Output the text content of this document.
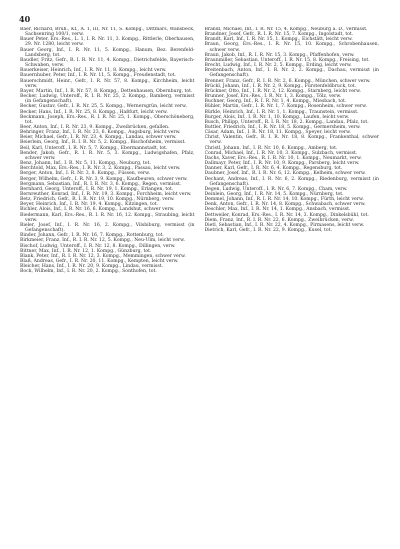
40
Baer, Richard, Bruh., Kf., A. 1, III, Nr. 11, S. Kompg., Dittmars, Wansbeck, Sachsenring 100/1, verw.
Bauer Peter, Ers.-Res., L. 1, I. R. Nr. 11, 3. Kompg., Rittlerle, Oberhausen, 29. Nr. 1280, leicht verw.
Bauer Georg, Inf., I. R. Nr. 11, 5. Kompg., Hanum, Bez. Berenfeld-Landsberg, tot.
Baudler, Fritz, Gefr., R. I. R. Nr. 11, 4. Kompg., Dietrichsfelde, Bayerisch-Schwaben, verw.
Bauerkeiser, Heinrich, Inf., I. R. Nr. 11, 8. Kompg., leicht verw.
Bauernhuber, Peter, Inf., I. R. Nr. 11, 5. Kompg., Freudenstadt, tot.
Bauerschmidt, Heinr., Gefr., I. R. Nr. 57, 8. Kompg., Kirchheim, leicht verw.
Bayer, Martin, Inf., I. R. Nr. 57, 8. Kompg., Dettenhausen, Obernburg, tot.
Becker, Ludwig, Unteroff., R. I. R. Nr. 25, 2. Kompg., Bamberg, vermisst (in Gefangenschaft).
Becker, Gustav, Gefr., I. R. Nr. 25, 5. Kompg., Wernersgrün, leicht verw.
Becker, Hans, Inf., I. R. Nr. 25, 8. Kompg., Haßfurt, leicht verw.
Beckmann, Joseph, Ers.-Res., R. I. R. Nr. 25, 1. Kompg., Oberschöneberg, tot.
Beer, Anton, Inf., I. R. Nr. 23, 9. Kompg., Zweibrücken, gefallen.
Behringer, Franz, Inf., I. R. Nr. 23, 6. Kompg., Augsburg, leicht verw.
Beier, Michael, Gefr., I. R. Nr. 23, 4. Kompg., Landau, schwer verw.
Beierlein, Georg, Inf., R. I. R. Nr. 5, 2. Kompg., Bischofsheim, vermisst.
Beil, Karl, Unteroff., I. R. Nr. 5, 7. Kompg., Ebermannstadt, tot.
Bender, Jakob, Gefr., R. I. R. Nr. 5, 3. Kompg., Ludwigshafen, Pfalz, schwer verw.
Benz, Johann, Inf., I. R. Nr. 5, 11. Kompg., Neuburg, tot.
Berchtold, Max, Ers.-Res., I. R. Nr. 3, 2. Kompg., Passau, leicht verw.
Berger, Anton, Inf., I. R. Nr. 3, 8. Kompg., Füssen, verw.
Berger, Wilhelm, Gefr., I. R. Nr. 3, 9. Kompg., Kaufbeuren, schwer verw.
Bergmann, Sebastian, Inf., R. I. R. Nr. 3, 6. Kompg., Regen, vermisst.
Bernhard, Georg, Unteroff., I. R. Nr. 19, 1. Kompg., Erlangen, tot.
Bernreuther, Konrad, Inf., I. R. Nr. 19, 3. Kompg., Forchheim, leicht verw.
Betz, Friedrich, Gefr., R. I. R. Nr. 19, 10. Kompg., Nürnberg, verw.
Beyer, Heinrich, Inf., I. R. Nr. 19, 4. Kompg., Kitzingen, tot.
Bichler, Alois, Inf., I. R. Nr. 16, 6. Kompg., Landshut, schwer verw.
Biedermann, Karl, Ers.-Res., R. I. R. Nr. 16, 12. Kompg., Straubing, leicht verw.
Bieler, Josef, Inf., I. R. Nr. 16, 2. Kompg., Vilsbiburg, vermisst (in Gefangenschaft).
Binder, Johann, Gefr., I. R. Nr. 16, 7. Kompg., Rottenburg, tot.
Birkmeier, Franz, Inf., R. I. R. Nr. 12, 5. Kompg., Neu-Ulm, leicht verw.
Bischof, Ludwig, Unteroff., I. R. Nr. 12, 8. Kompg., Dillingen, verw.
Bittner, Max, Inf., I. R. Nr. 12, 1. Kompg., Günzburg, tot.
Blank, Peter, Inf., R. I. R. Nr. 12, 3. Kompg., Memmingen, schwer verw.
Blaß, Andreas, Gefr., I. R. Nr. 20, 11. Kompg., Kempten, leicht verw.
Bleicher, Hans, Inf., I. R. Nr. 20, 9. Kompg., Lindau, vermisst.
Bock, Wilhelm, Inf., I. R. Nr. 20, 2. Kompg., Sonthofen, tot.
Brandl, Michael, Inf., I. R. Nr. 15, 4. Kompg., Neuburg a. D., vermisst.
Brandner, Josef, Gefr., R. I. R. Nr. 15, 7. Kompg., Ingolstadt, tot.
Brandt, Karl, Inf., I. R. Nr. 15, 1. Kompg., Eichstätt, leicht verw.
Braun, Georg, Ers.-Res., I. R. Nr. 15, 10. Kompg., Schrobenhausen, schwer verw.
Braun, Jakob, Inf., R. I. R. Nr. 15, 3. Kompg., Pfaffenhofen, verw.
Braunmiller, Sebastian, Unteroff., I. R. Nr. 15, 8. Kompg., Freising, tot.
Brecht, Ludwig, Inf., I. R. Nr. 2, 5. Kompg., Erding, leicht verw.
Breitenbach, Anton, Inf., I. R. Nr. 2, 2. Kompg., Dachau, vermisst (in Gefangenschaft).
Brenner, Franz, Gefr., R. I. R. Nr. 2, 6. Kompg., München, schwer verw.
Brückl, Johann, Inf., I. R. Nr. 2, 9. Kompg., Fürstenfeldbruck, tot.
Brückner, Otto, Inf., I. R. Nr. 2, 12. Kompg., Starnberg, leicht verw.
Brunner, Josef, Ers.-Res., I. R. Nr. 1, 3. Kompg., Tölz, verw.
Buchner, Georg, Inf., R. I. R. Nr. 1, 4. Kompg., Miesbach, tot.
Bühler, Martin, Gefr., I. R. Nr. 1, 7. Kompg., Rosenheim, schwer verw.
Bürkle, Heinrich, Inf., I. R. Nr. 1, 1. Kompg., Traunstein, vermisst.
Burger, Alois, Inf., I. R. Nr. 1, 10. Kompg., Laufen, leicht verw.
Busch, Philipp, Unteroff., R. I. R. Nr. 18, 2. Kompg., Landau, Pfalz, tot.
Buttler, Friedrich, Inf., I. R. Nr. 18, 5. Kompg., Germersheim, verw.
Cäsar, Adam, Inf., I. R. Nr. 18, 11. Kompg., Speyer, leicht verw.
Christ, Valentin, Gefr., R. I. R. Nr. 18, 8. Kompg., Frankenthal, schwer verw.
Christl, Johann, Inf., I. R. Nr. 10, 6. Kompg., Amberg, tot.
Conrad, Michael, Inf., I. R. Nr. 10, 3. Kompg., Sulzbach, vermisst.
Dachs, Xaver, Ers.-Res., R. I. R. Nr. 10, 1. Kompg., Neumarkt, verw.
Dallmayr, Peter, Inf., I. R. Nr. 10, 9. Kompg., Parsberg, leicht verw.
Danner, Karl, Gefr., I. R. Nr. 6, 4. Kompg., Regensburg, tot.
Daubner, Josef, Inf., R. I. R. Nr. 6, 12. Kompg., Kelheim, schwer verw.
Dechant, Andreas, Inf., I. R. Nr. 6, 2. Kompg., Riedenburg, vermisst (in Gefangenschaft).
Degen, Ludwig, Unteroff., I. R. Nr. 6, 7. Kompg., Cham, verw.
Deinlein, Georg, Inf., I. R. Nr. 14, 5. Kompg., Nürnberg, tot.
Demmel, Johann, Inf., R. I. R. Nr. 14, 10. Kompg., Fürth, leicht verw.
Denk, Anton, Gefr., I. R. Nr. 14, 8. Kompg., Schwabach, schwer verw.
Deschler, Max, Inf., I. R. Nr. 14, 1. Kompg., Ansbach, vermisst.
Dettweiler, Konrad, Ers.-Res., I. R. Nr. 14, 3. Kompg., Dinkelsbühl, tot.
Diem, Franz, Inf., R. I. R. Nr. 22, 6. Kompg., Zweibrücken, verw.
Dietl, Sebastian, Inf., I. R. Nr. 22, 4. Kompg., Pirmasens, leicht verw.
Dietrich, Karl, Gefr., I. R. Nr. 22, 9. Kompg., Kusel, tot.
